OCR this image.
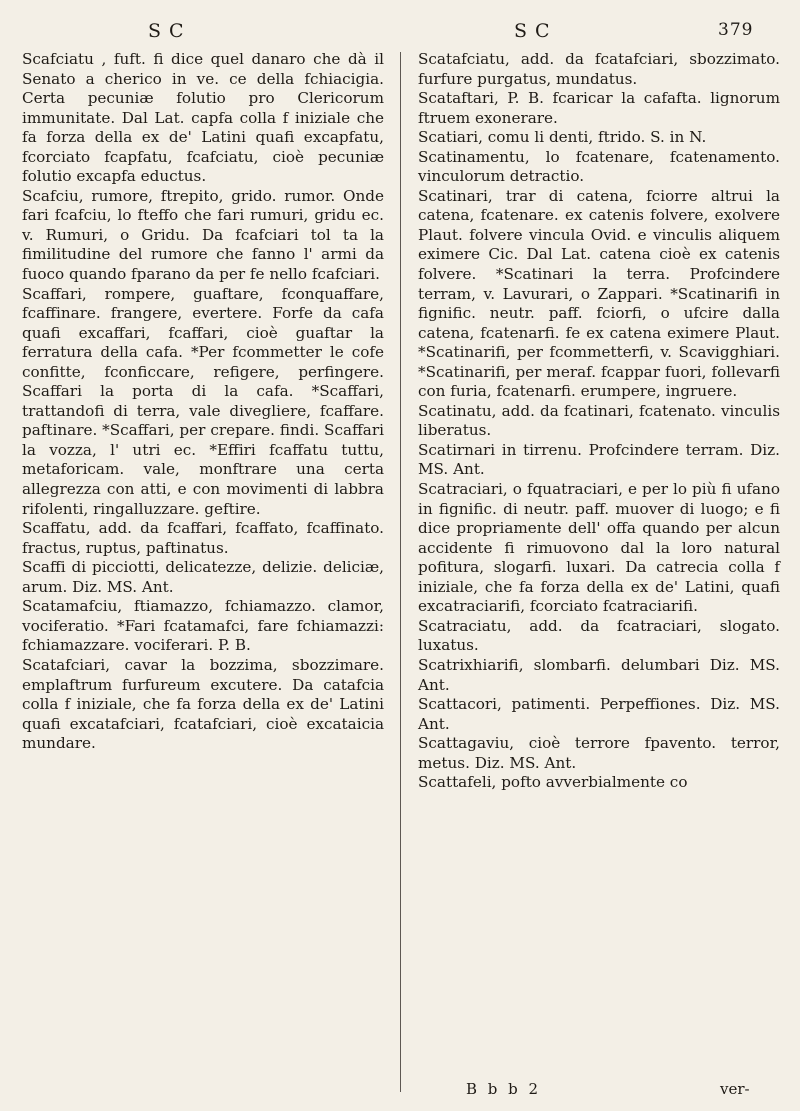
S C	S C	379

Scafciatu , fuft. fi dice quel danaro che dà il Senato a cherico in ve. ce della fchiacigia. Certa pecuniæ folutio pro Clericorum immunitate. Dal Lat. capfa colla f iniziale che fa forza della ex de' Latini quafi excapfatu, fcorciato fcapfatu, fcafciatu, cioè pecuniæ folutio excapfa eductus.

Scafciu, rumore, ftrepito, grido. rumor. Onde fari fcafciu, lo fteffo che fari rumuri, gridu ec. v. Rumuri, o Gridu. Da fcafciari tol ta la fimilitudine del rumore che fanno l' armi da fuoco quando fparano da per fe nello fcafciari.

Scaffari, rompere, guaftare, fconquaffare, fcaffinare. frangere, evertere. Forfe da cafa quafi excaffari, fcaffari, cioè guaftar la ferratura della cafa. *Per fcommetter le cofe confitte, fconficcare, refigere, perfingere. Scaffari la porta di la cafa. *Scaffari, trattandofi di terra, vale divegliere, fcaffare. paftinare. *Scaffari, per crepare. findi. Scaffari la vozza, l' utri ec. *Effiri fcaffatu tuttu, metaforicam. vale, monftrare una certa allegrezza con atti, e con movimenti di labbra rifolenti, ringalluzzare. geftire.

Scaffatu, add. da fcaffari, fcaffato, fcaffinato. fractus, ruptus, paftinatus.

Scaffi di picciotti, delicatezze, delizie. deliciæ, arum. Diz. MS. Ant.

Scatamafciu, ftiamazzo, fchiamazzo. clamor, vociferatio. *Fari fcatamafci, fare fchiamazzi: fchiamazzare. vociferari. P. B.

Scatafciari, cavar la bozzima, sbozzimare. emplaftrum furfureum excutere. Da catafcia colla f iniziale, che fa forza della ex de' Latini quafi excatafciari, fcatafciari, cioè excataicia mundare.

Scatafciatu, add. da fcatafciari, sbozzimato. furfure purgatus, mundatus.

Scataftari, P. B. fcaricar la cafafta. lignorum ftruem exonerare.

Scatiari, comu li denti, ftrido. S. in N.

Scatinamentu, lo fcatenare, fcatenamento. vinculorum detractio.

Scatinari, trar di catena, fciorre altrui la catena, fcatenare. ex catenis folvere, exolvere Plaut. folvere vincula Ovid. e vinculis aliquem eximere Cic. Dal Lat. catena cioè ex catenis folvere. *Scatinari la terra. Profcindere terram, v. Lavurari, o Zappari. *Scatinarifi in fignific. neutr. paff. fciorfi, o ufcire dalla catena, fcatenarfi. fe ex catena eximere Plaut. *Scatinarifi, per fcommetterfi, v. Scavigghiari. *Scatinarifi, per meraf. fcappar fuori, follevarfi con furia, fcatenarfi. erumpere, ingruere.

Scatinatu, add. da fcatinari, fcatenato. vinculis liberatus.

Scatirnari in tirrenu. Profcindere terram. Diz. MS. Ant.

Scatraciari, o fquatraciari, e per lo più fi ufano in fignific. di neutr. paff. muover di luogo; e fi dice propriamente dell' offa quando per alcun accidente fi rimuovono dal la loro natural pofitura, slogarfi. luxari. Da catrecia colla f iniziale, che fa forza della ex de' Latini, quafi excatraciarifi, fcorciato fcatraciarifi.

Scatraciatu, add. da fcatraciari, slogato. luxatus.

Scatrixhiarifi, slombarfi. delumbari Diz. MS. Ant.

Scattacori, patimenti. Perpeffiones. Diz. MS. Ant.

Scattagaviu, cioè terrore fpavento. terror, metus. Diz. MS. Ant.

Scattafeli, pofto avverbialmente co

B b b 2	ver-
